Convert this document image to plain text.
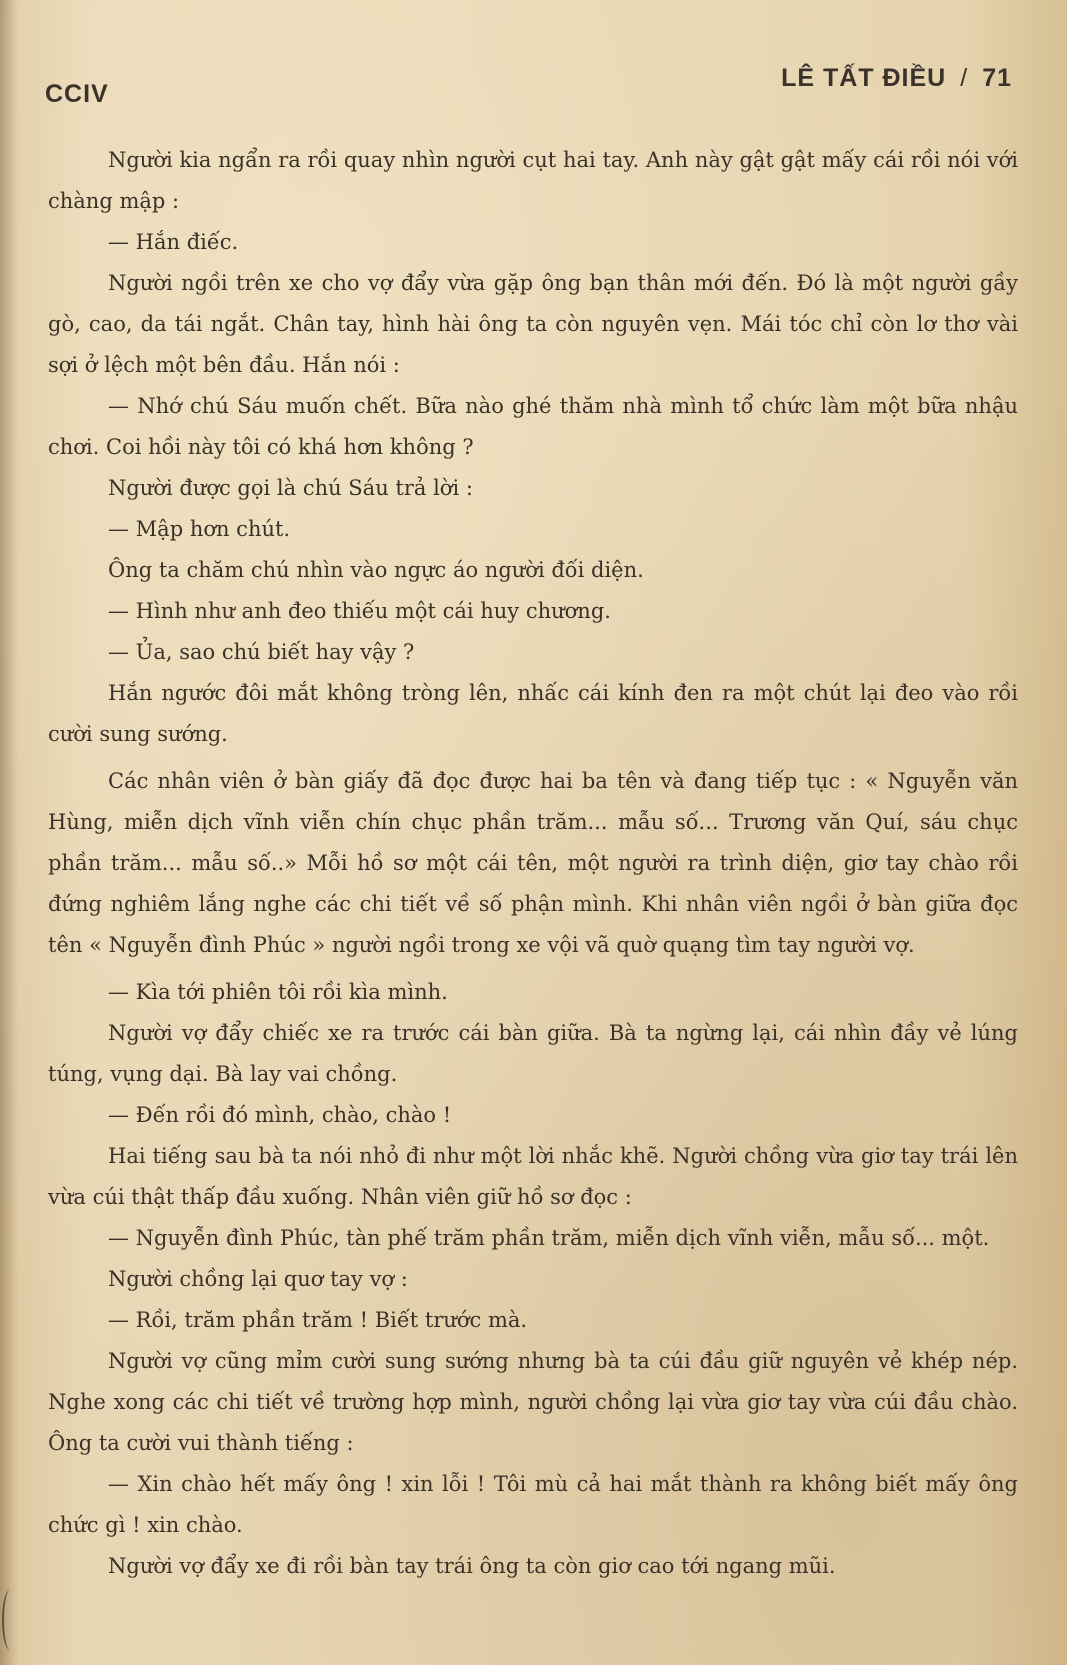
CCIV
LÊ TẤT ĐIỀU / 71

Người kia ngẩn ra rồi quay nhìn người cụt hai tay. Anh này gật gật mấy cái rồi nói với chàng mập :

— Hắn điếc.

Người ngồi trên xe cho vợ đẩy vừa gặp ông bạn thân mới đến. Đó là một người gầy gò, cao, da tái ngắt. Chân tay, hình hài ông ta còn nguyên vẹn. Mái tóc chỉ còn lơ thơ vài sợi ở lệch một bên đầu. Hắn nói :

— Nhớ chú Sáu muốn chết. Bữa nào ghé thăm nhà mình tổ chức làm một bữa nhậu chơi. Coi hồi này tôi có khá hơn không ?

Người được gọi là chú Sáu trả lời :

— Mập hơn chút.

Ông ta chăm chú nhìn vào ngực áo người đối diện.

— Hình như anh đeo thiếu một cái huy chương.

— Ủa, sao chú biết hay vậy ?

Hắn ngước đôi mắt không tròng lên, nhấc cái kính đen ra một chút lại đeo vào rồi cười sung sướng.

Các nhân viên ở bàn giấy đã đọc được hai ba tên và đang tiếp tục : « Nguyễn văn Hùng, miễn dịch vĩnh viễn chín chục phần trăm... mẫu số... Trương văn Quí, sáu chục phần trăm... mẫu số..» Mỗi hồ sơ một cái tên, một người ra trình diện, giơ tay chào rồi đứng nghiêm lắng nghe các chi tiết về số phận mình. Khi nhân viên ngồi ở bàn giữa đọc tên « Nguyễn đình Phúc » người ngồi trong xe vội vã quờ quạng tìm tay người vợ.

— Kìa tới phiên tôi rồi kìa mình.

Người vợ đẩy chiếc xe ra trước cái bàn giữa. Bà ta ngừng lại, cái nhìn đầy vẻ lúng túng, vụng dại. Bà lay vai chồng.

— Đến rồi đó mình, chào, chào !

Hai tiếng sau bà ta nói nhỏ đi như một lời nhắc khẽ. Người chồng vừa giơ tay trái lên vừa cúi thật thấp đầu xuống. Nhân viên giữ hồ sơ đọc :

— Nguyễn đình Phúc, tàn phế trăm phần trăm, miễn dịch vĩnh viễn, mẫu số... một.

Người chồng lại quơ tay vợ :

— Rồi, trăm phần trăm ! Biết trước mà.

Người vợ cũng mỉm cười sung sướng nhưng bà ta cúi đầu giữ nguyên vẻ khép nép. Nghe xong các chi tiết về trường hợp mình, người chồng lại vừa giơ tay vừa cúi đầu chào. Ông ta cười vui thành tiếng :

— Xin chào hết mấy ông ! xin lỗi ! Tôi mù cả hai mắt thành ra không biết mấy ông chức gì ! xin chào.

Người vợ đẩy xe đi rồi bàn tay trái ông ta còn giơ cao tới ngang mũi.
